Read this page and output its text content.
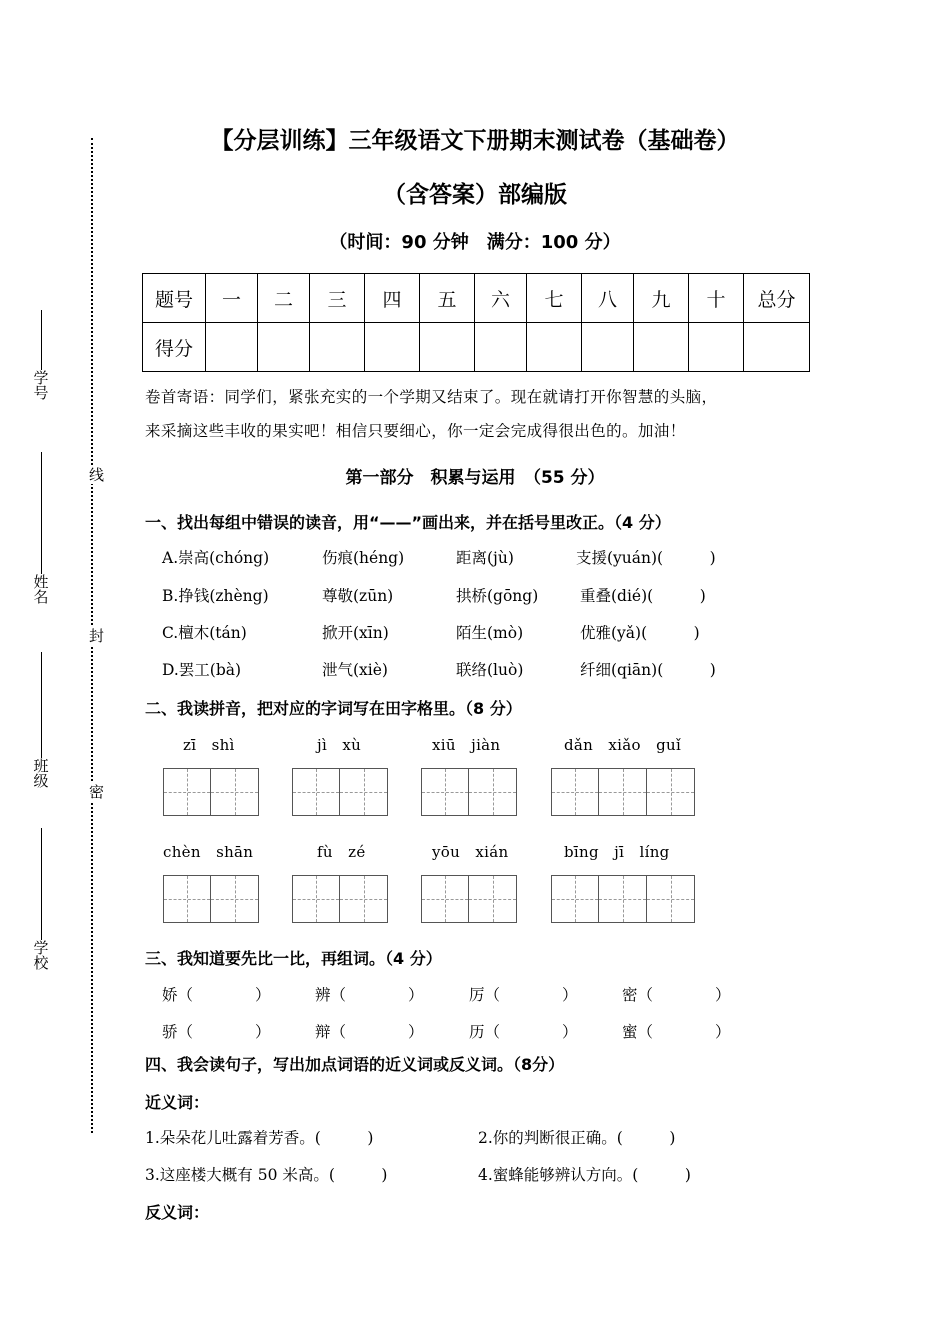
学号
姓名
班级
学校
线
封
密
【分层训练】三年级语文下册期末测试卷（基础卷）
（含答案）部编版
（时间：90 分钟　满分：100 分）
题号	一	二	三	四	五	六	七	八	九	十	总分
得分											
卷首寄语：同学们，紧张充实的一个学期又结束了。现在就请打开你智慧的头脑，
来采摘这些丰收的果实吧！相信只要细心，你一定会完成得很出色的。加油！
第一部分　积累与运用　（55 分）
一、找出每组中错误的读音，用“——”画出来，并在括号里改正。（4 分）
A.崇高(chóng)	伤痕(héng)	距离(jù)	支援(yuán)(　　　)
B.挣钱(zhèng)	尊敬(zūn)	拱桥(gōng)	重叠(dié)(　　　)
C.檀木(tán)	掀开(xīn)	陌生(mò)	优雅(yǎ)(　　　)
D.罢工(bà)	泄气(xiè)	联络(luò)	纤细(qiān)(　　　)
二、我读拼音，把对应的字词写在田字格里。（8 分）
zī　shì	jì　xù	xiū　jiàn	dǎn　xiǎo　guǐ
chèn　shān	fù　zé	yōu　xián	bīng　jī　líng
三、我知道要先比一比，再组词。（4 分）
娇（　　　　）	辨（　　　　）	厉（　　　　）	密（　　　　）
骄（　　　　）	辩（　　　　）	历（　　　　）	蜜（　　　　）
四、我会读句子，写出加点词语的近义词或反义词。（8分）
近义词：
1.朵朵花儿吐露着芳香。(　　　)	2.你的判断很正确。(　　　)
3.这座楼大概有 50 米高。(　　　)	4.蜜蜂能够辨认方向。(　　　)
反义词：
